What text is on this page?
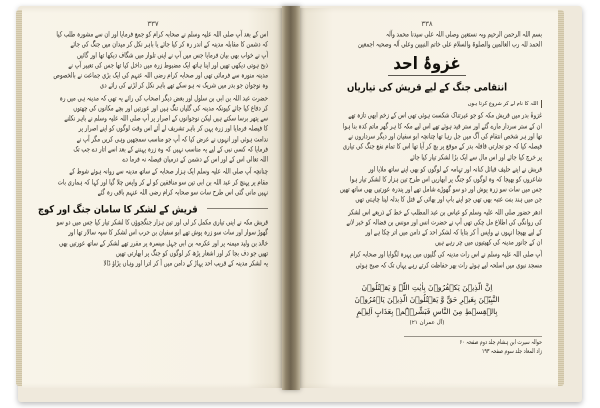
٣٣٧
اس کے بعد آپ صلی اللہ علیہ وسلم نے صحابہ کرام کو جمع فرمایا اور ان سے مشورہ طلب کیا
کہ دشمن کا مقابلہ مدینہ کے اندر رہ کر کیا جائے یا باہر نکل کر میدان میں جنگ کی جائے
آپ نے خواب بھی بیان فرمایا جس میں آپ نے اپنی تلوار میں شگاف دیکھا تھا اور گائیں
ذبح ہوتی دیکھی تھیں اور اپنا ہاتھ ایک مضبوط زرہ میں داخل کیا تھا جس کی تعبیر آپ نے
مدینہ منورہ سے فرمائی تھی اور صحابہ کرام رضی اللہ عنہم کی ایک بڑی جماعت نے بالخصوص
وہ نوجوان جو بدر میں شریک نہ ہو سکے تھے باہر نکل کر لڑنے کی رائے دی
حضرت عبد اللہ بن ابی بن سلول اور بعض دیگر اصحاب کی رائے یہ تھی کہ مدینہ ہی میں رہ
کر دفاع کیا جائے کیونکہ مدینہ کی گلیاں تنگ ہیں اور عورتیں اور بچے مکانوں کی چھتوں
سے پتھر برسا سکتے ہیں لیکن نوجوانوں کے اصرار پر آپ صلی اللہ علیہ وسلم نے باہر نکلنے
کا فیصلہ فرمایا اور زرہ پہن کر باہر تشریف لے آئے اس وقت لوگوں کو اپنے اصرار پر
ندامت ہوئی اور انہوں نے عرض کیا کہ آپ جو مناسب سمجھیں وہی کریں مگر آپ نے
فرمایا کہ کسی نبی کے لیے یہ مناسب نہیں کہ وہ زرہ پہننے کے بعد اسے اتار دے جب تک
اللہ تعالی اس کے اور اس کے دشمن کے درمیان فیصلہ نہ فرما دے
چنانچہ آپ صلی اللہ علیہ وسلم ایک ہزار صحابہ کے ساتھ مدینہ سے روانہ ہوئے شوط کے
مقام پر پہنچ کر عبد اللہ بن ابی تین سو منافقین کو لے کر واپس چلا گیا اور کہا کہ ہماری بات
نہیں مانی گئی اس طرح سات سو صحابہ کرام رضی اللہ عنہم باقی رہ گئے
قریش کے لشکر کا سامان جنگ اور کوچ
قریش مکہ نے اپنی تیاری مکمل کر لی اور تین ہزار جنگجوؤں کا لشکر تیار کیا جس میں دو سو
گھوڑ سوار اور سات سو زرہ پوش تھے ابو سفیان بن حرب اس لشکر کا سپہ سالار تھا اور
خالد بن ولید میمنہ پر اور عکرمہ بن ابی جہل میسرہ پر مقرر تھے لشکر کے ساتھ عورتیں بھی
تھیں جو دف بجا کر اور اشعار پڑھ کر لوگوں کو جنگ پر ابھارتی تھیں
یہ لشکر مدینہ کے قریب احد پہاڑ کے دامن میں آ کر اترا اور وہاں پڑاؤ ڈالا
٣٣٨
بسم اللہ الرحمن الرحیم وبہ نستعین وصلی اللہ علی سیدنا محمد وآلہ
الحمد للہ رب العالمین والصلوۃ والسلام علی خاتم النبیین وعلی آلہ وصحبہ اجمعین
غزوۂ احد
انتقامی جنگ کے لیے قریش کی تیاریاں
اللہ کا نام لے کر شروع کرتا ہوں
غزوۂ بدر میں قریش مکہ کو جو عبرتناک شکست ہوئی تھی اس کے زخم ابھی تازہ تھے
ان کے ستر سردار مارے گئے اور ستر قید ہوئے تھے اس لیے مکہ کا ہر گھر ماتم کدہ بنا ہوا
تھا اور ہر شخص انتقام کی آگ میں جل رہا تھا چنانچہ ابو سفیان اور دیگر سرداروں نے
فیصلہ کیا کہ جو تجارتی قافلہ بدر کے موقع پر بچ کر آیا تھا اس کا تمام نفع جنگ کی تیاری
پر خرچ کیا جائے اور اس مال سے ایک بڑا لشکر تیار کیا جائے
قریش نے اپنے حلیف قبائل کنانہ اور تہامہ کے لوگوں کو بھی اپنے ساتھ ملایا اور
شاعروں کو بھیجا کہ وہ لوگوں کو جنگ پر ابھاریں اس طرح تین ہزار کا لشکر تیار ہوا
جس میں سات سو زرہ پوش اور دو سو گھوڑے شامل تھے اور پندرہ عورتیں بھی ساتھ تھیں
جن میں ہند بنت عتبہ بھی تھی جو اپنے باپ اور بھائی کے قتل کا بدلہ لینا چاہتی تھی
ادھر حضور صلی اللہ علیہ وسلم کو عباس بن عبد المطلب کے خط کے ذریعے اس لشکر
کی روانگی کی اطلاع مل چکی تھی آپ نے حضرت انس اور مونس بن فضالہ کو خبر لانے
کے لیے بھیجا انہوں نے واپس آ کر بتایا کہ لشکر احد کے دامن میں اتر چکا ہے اور
ان کے جانور مدینہ کی کھیتیوں میں چر رہے ہیں
آپ صلی اللہ علیہ وسلم نے اس رات مدینہ کی گلیوں میں پہرہ لگوایا اور صحابہ کرام
مسجد نبوی میں اسلحہ لیے ہوئے رات بھر حفاظت کرتے رہے یہاں تک کہ صبح ہوئی
اِنَّ الَّذِیۡنَ یَکۡفُرُوۡنَ بِاٰیٰتِ اللّٰہِ وَ یَقۡتُلُوۡنَ
النَّبِیّٖنَ بِغَیۡرِ حَقٍّ وَّ یَقۡتُلُوۡنَ الَّذِیۡنَ یَاۡمُرُوۡنَ
بِالۡقِسۡطِ مِنَ النَّاسِ فَبَشِّرۡہُمۡ بِعَذَابٍ اَلِیۡمٍ
(آل عمران ۲۱)
حوالہ سیرت ابن ہشام جلد دوم صفحہ ۶۰
زاد المعاد جلد سوم صفحہ ۱۹۳
